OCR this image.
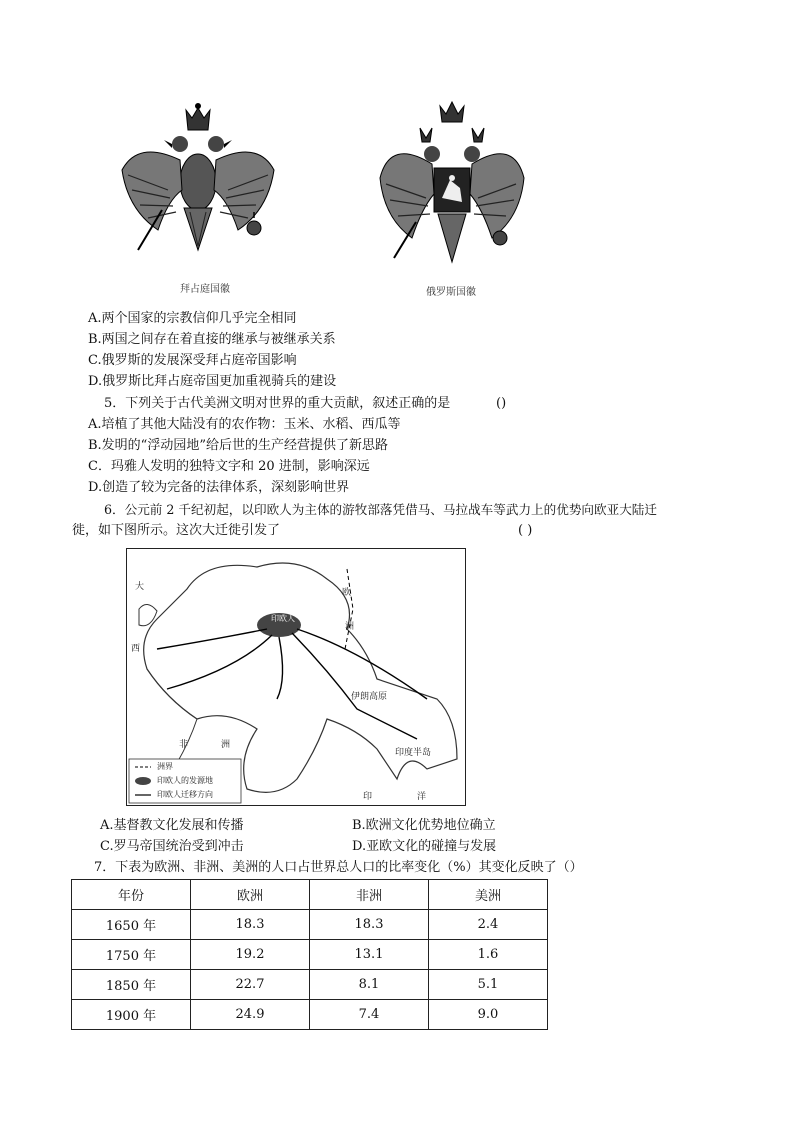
拜占庭国徽	俄罗斯国徽
A.两个国家的宗教信仰几乎完全相同
B.两国之间存在着直接的继承与被继承关系
C.俄罗斯的发展深受拜占庭帝国影响
D.俄罗斯比拜占庭帝国更加重视骑兵的建设
5．下列关于古代美洲文明对世界的重大贡献，叙述正确的是	()
A.培植了其他大陆没有的农作物：玉米、水稻、西瓜等
B.发明的“浮动园地”给后世的生产经营提供了新思路
C．玛雅人发明的独特文字和 20 进制，影响深远
D.创造了较为完备的法律体系，深刻影响世界
6．公元前 2 千纪初起，以印欧人为主体的游牧部落凭借马、马拉战车等武力上的优势向欧亚大陆迁
徙，如下图所示。这次大迁徙引发了	( )
大
欧
洲
西
印欧人
伊朗高原
非	洲
印度半岛
印	洋
洲界
印欧人的发源地
印欧人迁移方向
A.基督教文化发展和传播	B.欧洲文化优势地位确立
C.罗马帝国统治受到冲击	D.亚欧文化的碰撞与发展
7．下表为欧洲、非洲、美洲的人口占世界总人口的比率变化（%）其变化反映了（）
年份	欧洲	非洲	美洲
1650 年	18.3	18.3	2.4
1750 年	19.2	13.1	1.6
1850 年	22.7	8.1	5.1
1900 年	24.9	7.4	9.0
